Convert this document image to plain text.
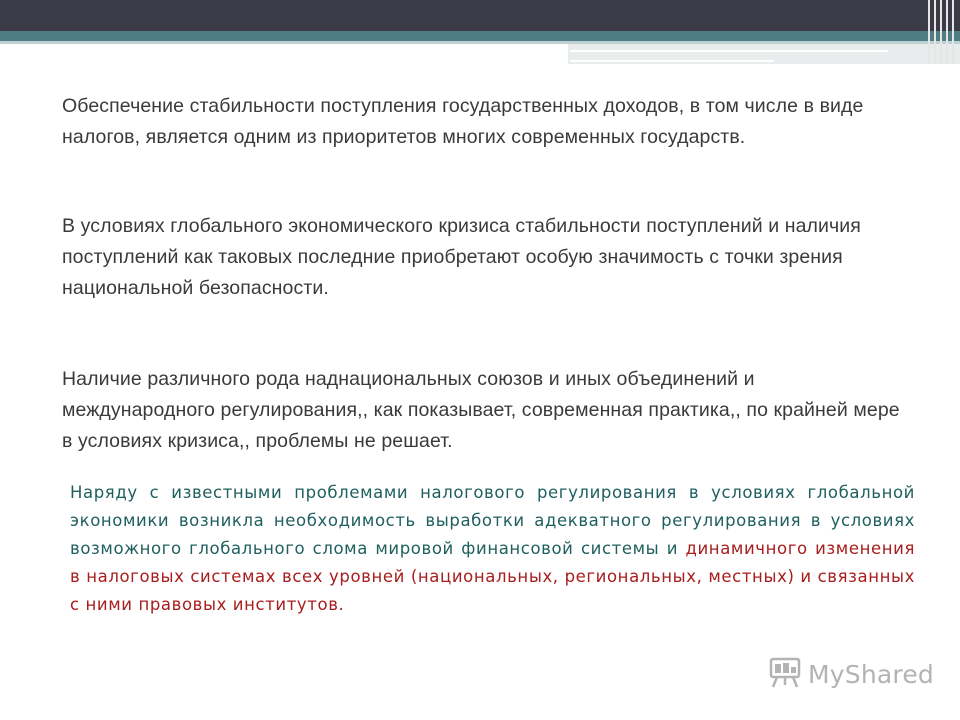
Обеспечение стабильности поступления государственных доходов, в том числе в виде налогов, является одним из приоритетов многих современных государств.

В условиях глобального экономического кризиса стабильности поступлений и наличия поступлений как таковых последние приобретают особую значимость с точки зрения национальной безопасности.

Наличие различного рода наднациональных союзов и иных объединений и международного регулирования,, как показывает, современная практика,, по крайней мере в условиях кризиса,, проблемы не решает.

Наряду с известными проблемами налогового регулирования в условиях глобальной экономики возникла необходимость выработки адекватного регулирования в условиях возможного глобального слома мировой финансовой системы и динамичного изменения в налоговых системах всех уровней (национальных, региональных, местных) и связанных с ними правовых институтов.

MyShared
